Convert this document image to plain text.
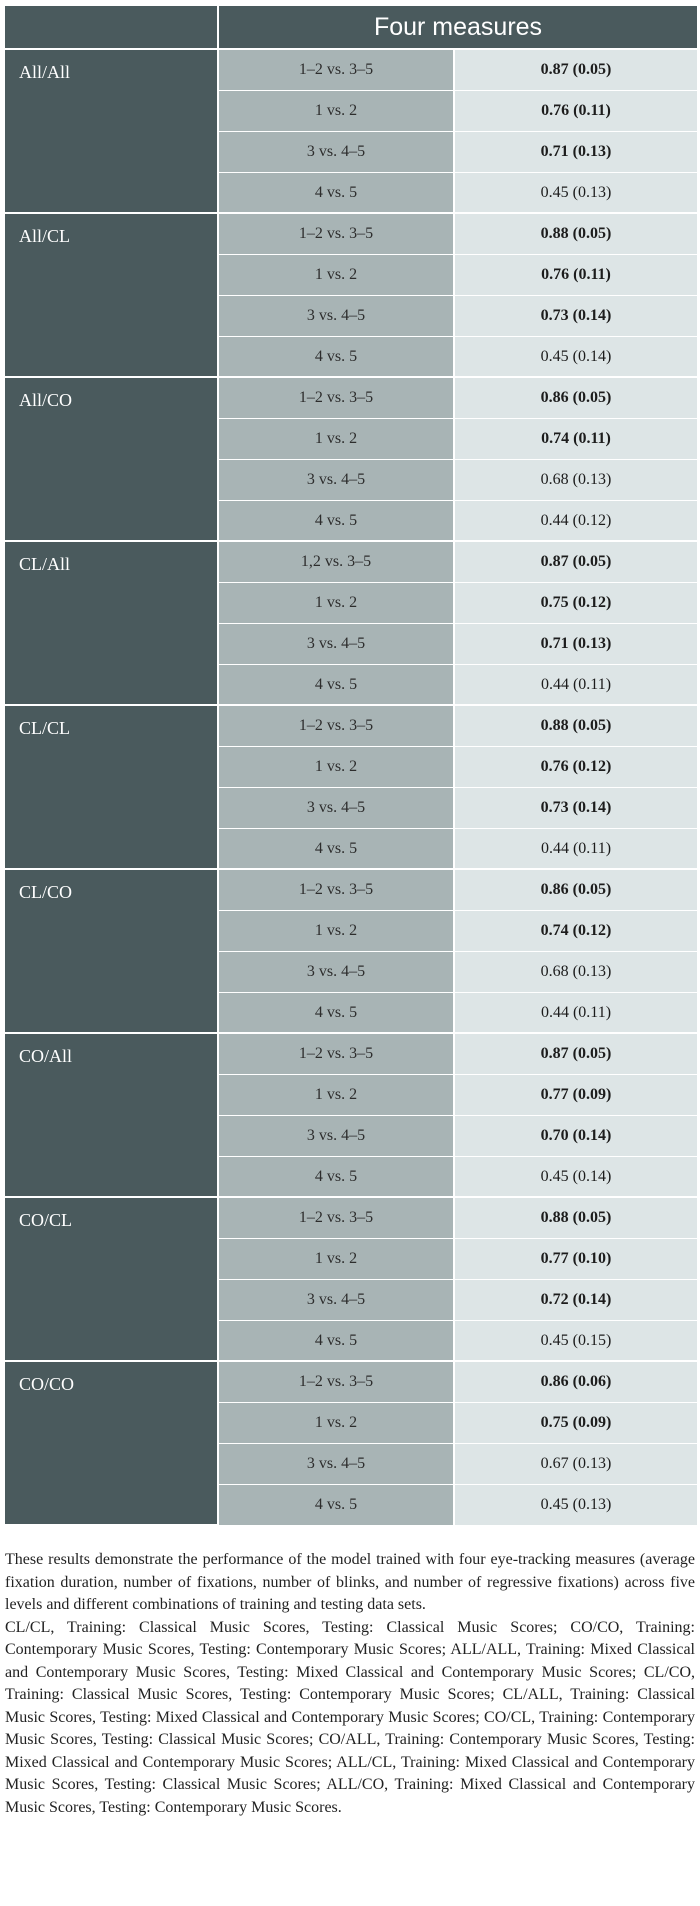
Four measures
All/All	1–2 vs. 3–5	0.87 (0.05)
1 vs. 2	0.76 (0.11)
3 vs. 4–5	0.71 (0.13)
4 vs. 5	0.45 (0.13)
All/CL	1–2 vs. 3–5	0.88 (0.05)
1 vs. 2	0.76 (0.11)
3 vs. 4–5	0.73 (0.14)
4 vs. 5	0.45 (0.14)
All/CO	1–2 vs. 3–5	0.86 (0.05)
1 vs. 2	0.74 (0.11)
3 vs. 4–5	0.68 (0.13)
4 vs. 5	0.44 (0.12)
CL/All	1,2 vs. 3–5	0.87 (0.05)
1 vs. 2	0.75 (0.12)
3 vs. 4–5	0.71 (0.13)
4 vs. 5	0.44 (0.11)
CL/CL	1–2 vs. 3–5	0.88 (0.05)
1 vs. 2	0.76 (0.12)
3 vs. 4–5	0.73 (0.14)
4 vs. 5	0.44 (0.11)
CL/CO	1–2 vs. 3–5	0.86 (0.05)
1 vs. 2	0.74 (0.12)
3 vs. 4–5	0.68 (0.13)
4 vs. 5	0.44 (0.11)
CO/All	1–2 vs. 3–5	0.87 (0.05)
1 vs. 2	0.77 (0.09)
3 vs. 4–5	0.70 (0.14)
4 vs. 5	0.45 (0.14)
CO/CL	1–2 vs. 3–5	0.88 (0.05)
1 vs. 2	0.77 (0.10)
3 vs. 4–5	0.72 (0.14)
4 vs. 5	0.45 (0.15)
CO/CO	1–2 vs. 3–5	0.86 (0.06)
1 vs. 2	0.75 (0.09)
3 vs. 4–5	0.67 (0.13)
4 vs. 5	0.45 (0.13)

These results demonstrate the performance of the model trained with four eye-tracking measures (average fixation duration, number of fixations, number of blinks, and number of regressive fixations) across five levels and different combinations of training and testing data sets.

CL/CL, Training: Classical Music Scores, Testing: Classical Music Scores; CO/CO, Training: Contemporary Music Scores, Testing: Contemporary Music Scores; ALL/ALL, Training: Mixed Classical and Contemporary Music Scores, Testing: Mixed Classical and Contemporary Music Scores; CL/CO, Training: Classical Music Scores, Testing: Contemporary Music Scores; CL/ALL, Training: Classical Music Scores, Testing: Mixed Classical and Contemporary Music Scores; CO/CL, Training: Contemporary Music Scores, Testing: Classical Music Scores; CO/ALL, Training: Contemporary Music Scores, Testing: Mixed Classical and Contemporary Music Scores; ALL/CL, Training: Mixed Classical and Contemporary Music Scores, Testing: Classical Music Scores; ALL/CO, Training: Mixed Classical and Contemporary Music Scores, Testing: Contemporary Music Scores.
